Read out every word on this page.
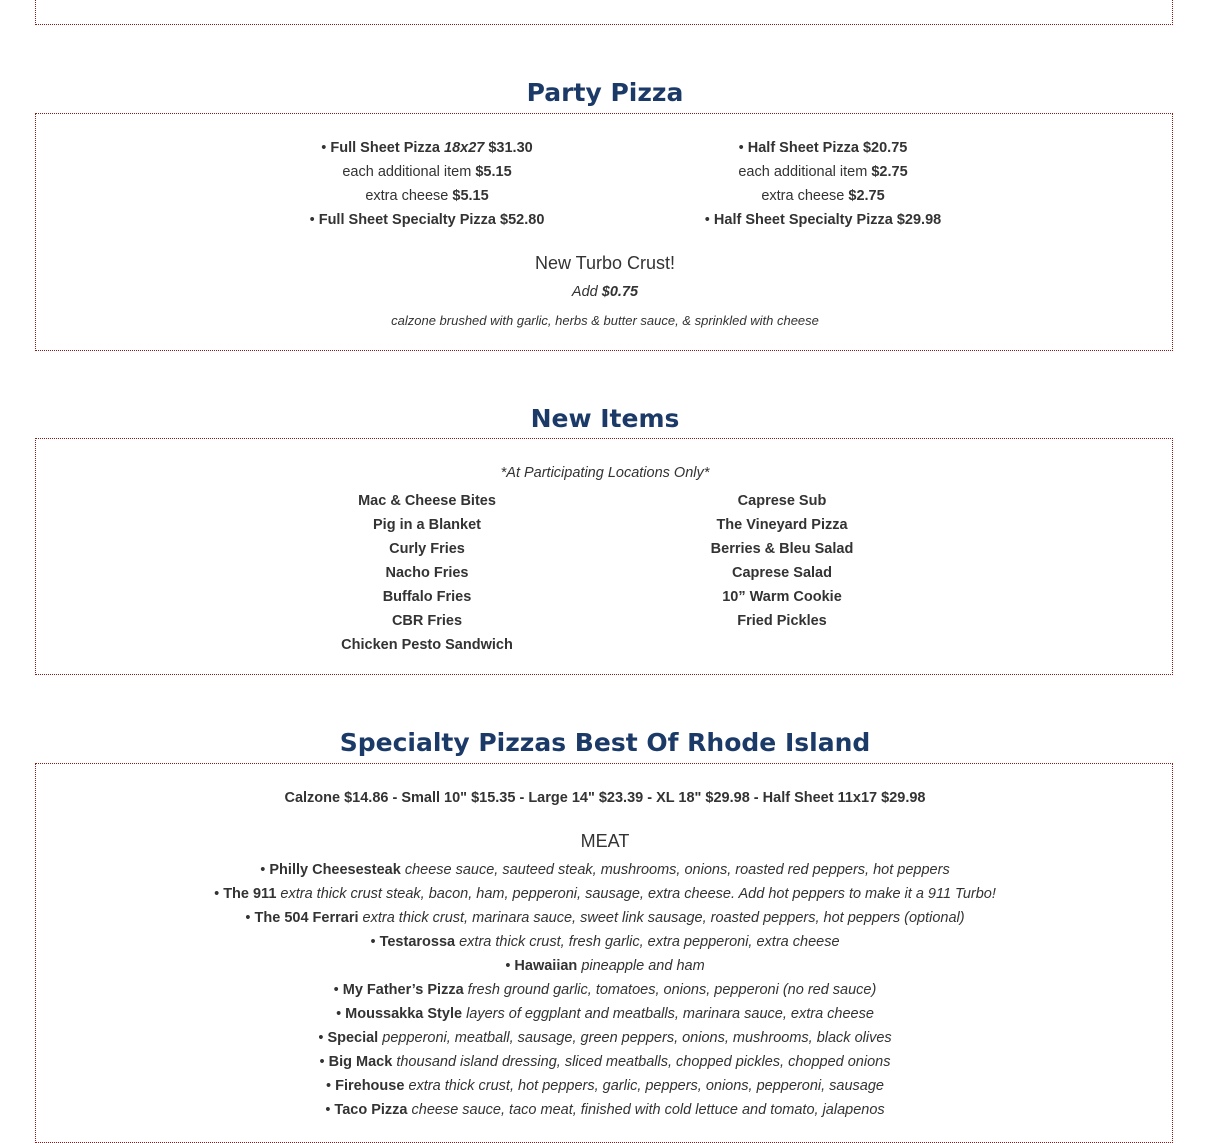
Party Pizza
• Full Sheet Pizza 18x27 $31.30
each additional item $5.15
extra cheese $5.15
• Full Sheet Specialty Pizza $52.80
• Half Sheet Pizza $20.75
each additional item $2.75
extra cheese $2.75
• Half Sheet Specialty Pizza $29.98
New Turbo Crust!
Add $0.75
calzone brushed with garlic, herbs & butter sauce, & sprinkled with cheese
New Items
*At Participating Locations Only*
Mac & Cheese Bites
Pig in a Blanket
Curly Fries
Nacho Fries
Buffalo Fries
CBR Fries
Chicken Pesto Sandwich
Caprese Sub
The Vineyard Pizza
Berries & Bleu Salad
Caprese Salad
10” Warm Cookie
Fried Pickles
Specialty Pizzas Best Of Rhode Island
Calzone $14.86 - Small 10" $15.35 - Large 14" $23.39 - XL 18" $29.98 - Half Sheet 11x17 $29.98
MEAT
• Philly Cheesesteak cheese sauce, sauteed steak, mushrooms, onions, roasted red peppers, hot peppers
• The 911 extra thick crust steak, bacon, ham, pepperoni, sausage, extra cheese. Add hot peppers to make it a 911 Turbo!
• The 504 Ferrari extra thick crust, marinara sauce, sweet link sausage, roasted peppers, hot peppers (optional)
• Testarossa extra thick crust, fresh garlic, extra pepperoni, extra cheese
• Hawaiian pineapple and ham
• My Father’s Pizza fresh ground garlic, tomatoes, onions, pepperoni (no red sauce)
• Moussakka Style layers of eggplant and meatballs, marinara sauce, extra cheese
• Special pepperoni, meatball, sausage, green peppers, onions, mushrooms, black olives
• Big Mack thousand island dressing, sliced meatballs, chopped pickles, chopped onions
• Firehouse extra thick crust, hot peppers, garlic, peppers, onions, pepperoni, sausage
• Taco Pizza cheese sauce, taco meat, finished with cold lettuce and tomato, jalapenos
